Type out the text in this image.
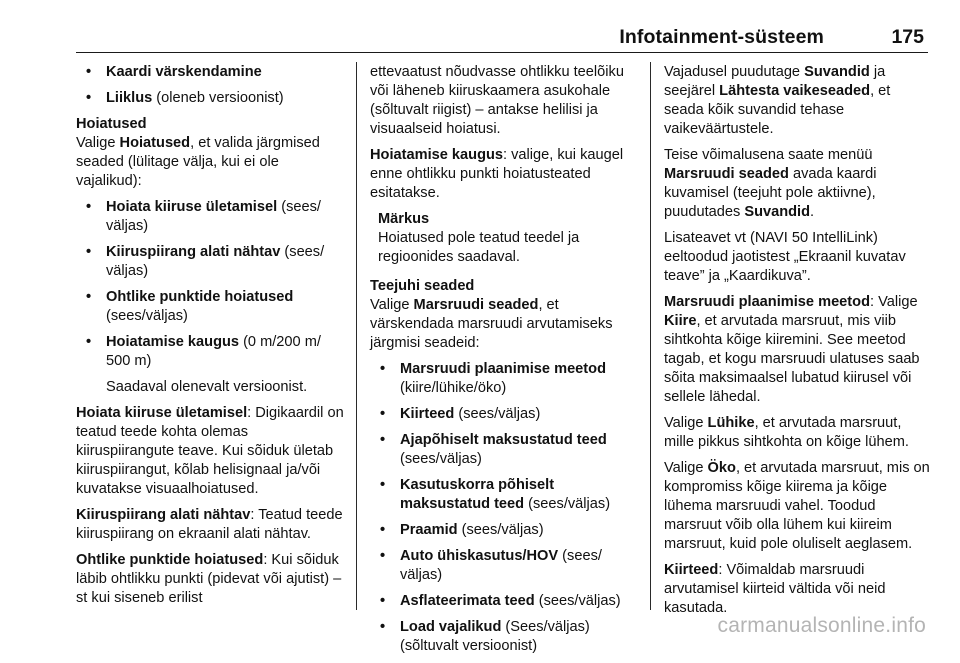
Infotainment-süsteem	175
• Kaardi värskendamine
• Liiklus (oleneb versioonist)

Hoiatused

Valige Hoiatused, et valida järgmised seaded (lülitage välja, kui ei ole vajalikud):

• Hoiata kiiruse ületamisel (sees/ väljas)
• Kiiruspiirang alati nähtav (sees/ väljas)
• Ohtlike punktide hoiatused (sees/väljas)
• Hoiatamise kaugus (0 m/200 m/ 500 m)

Saadaval olenevalt versioonist.

Hoiata kiiruse ületamisel: Digikaardil on teatud teede kohta olemas kiiruspiirangute teave. Kui sõiduk ületab kiiruspiirangut, kõlab helisignaal ja/või kuvatakse visuaalhoiatused.

Kiiruspiirang alati nähtav: Teatud teede kiiruspiirang on ekraanil alati nähtav.

Ohtlike punktide hoiatused: Kui sõiduk läbib ohtlikku punkti (pidevat või ajutist) – st kui siseneb erilist

ettevaatust nõudvasse ohtlikku teelõiku või läheneb kiiruskaamera asukohale (sõltuvalt riigist) – antakse helilisi ja visuaalseid hoiatusi.

Hoiatamise kaugus: valige, kui kaugel enne ohtlikku punkti hoiatusteated esitatakse.

Märkus
Hoiatused pole teatud teedel ja regioonides saadaval.

Teejuhi seaded

Valige Marsruudi seaded, et värskendada marsruudi arvutamiseks järgmisi seadeid:

• Marsruudi plaanimise meetod (kiire/lühike/öko)
• Kiirteed (sees/väljas)
• Ajapõhiselt maksustatud teed (sees/väljas)
• Kasutuskorra põhiselt maksustatud teed (sees/väljas)
• Praamid (sees/väljas)
• Auto ühiskasutus/HOV (sees/ väljas)
• Asflateerimata teed (sees/väljas)
• Load vajalikud (Sees/väljas) (sõltuvalt versioonist)

Vajadusel puudutage Suvandid ja seejärel Lähtesta vaikeseaded, et seada kõik suvandid tehase vaikeväärtustele.

Teise võimalusena saate menüü Marsruudi seaded avada kaardi kuvamisel (teejuht pole aktiivne), puudutades Suvandid.

Lisateavet vt (NAVI 50 IntelliLink) eeltoodud jaotistest „Ekraanil kuvatav teave” ja „Kaardikuva”.

Marsruudi plaanimise meetod: Valige Kiire, et arvutada marsruut, mis viib sihtkohta kõige kiiremini. See meetod tagab, et kogu marsruudi ulatuses saab sõita maksimaalsel lubatud kiirusel või sellele lähedal.

Valige Lühike, et arvutada marsruut, mille pikkus sihtkohta on kõige lühem.

Valige Öko, et arvutada marsruut, mis on kompromiss kõige kiirema ja kõige lühema marsruudi vahel. Toodud marsruut võib olla lühem kui kiireim marsruut, kuid pole oluliselt aeglasem.

Kiirteed: Võimaldab marsruudi arvutamisel kiirteid vältida või neid kasutada.

carmanualsonline.info
